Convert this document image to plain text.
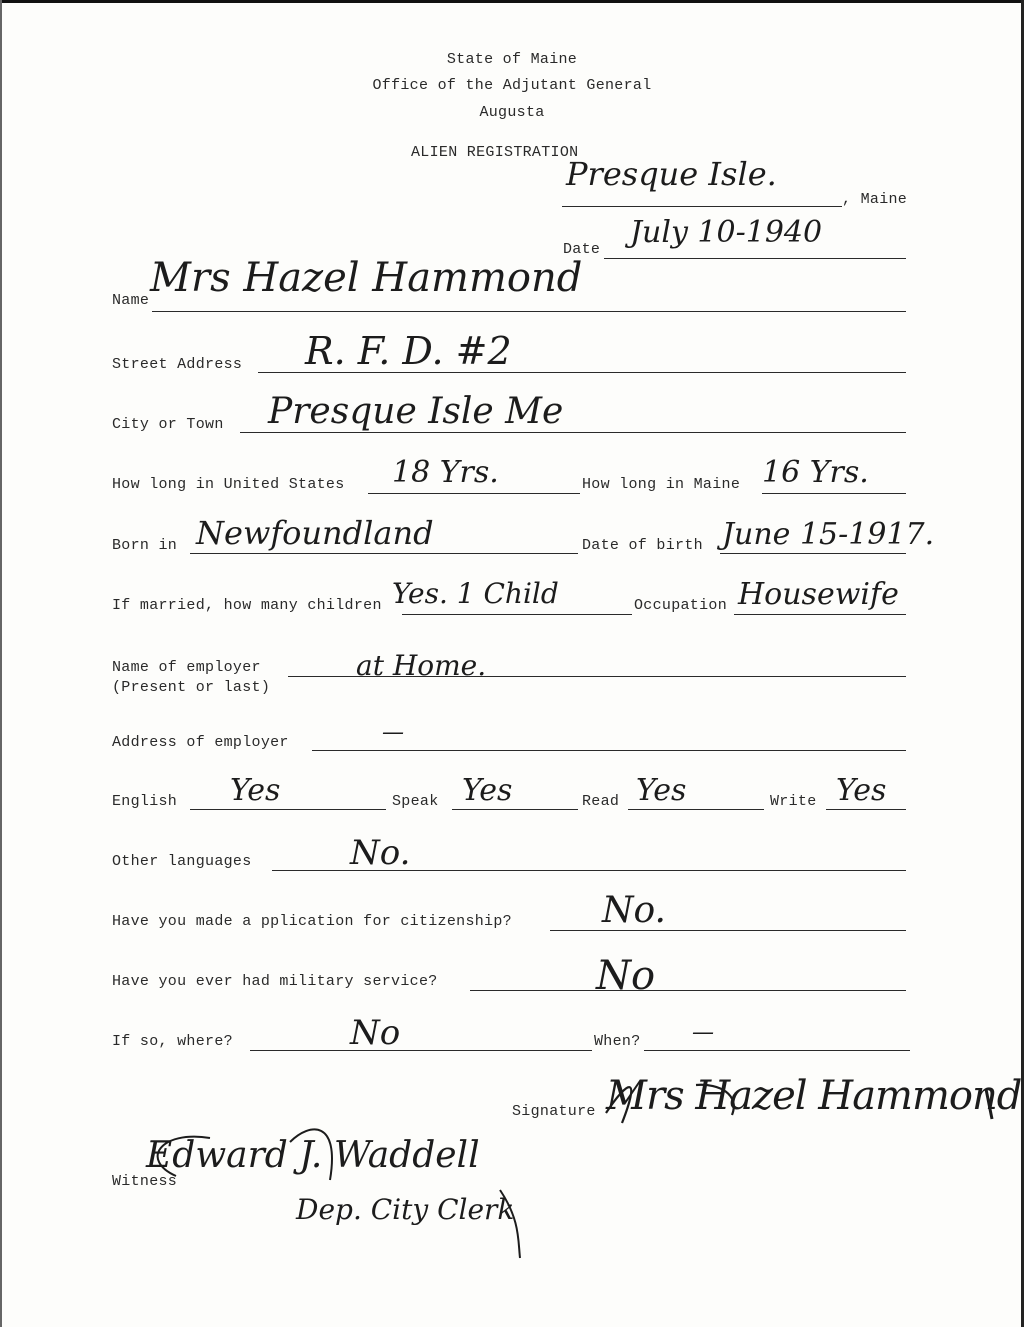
State of Maine
Office of the Adjutant General
Augusta
ALIEN REGISTRATION
Presque Isle.
, Maine
Date July 10-1940
Name Mrs Hazel Hammond
Street Address R. F. D. #2
City or Town Presque Isle Me
How long in United States 18 Yrs.	How long in Maine 16 Yrs.
Born in Newfoundland	Date of birth June 15-1917.
If married, how many children Yes. 1 Child	Occupation Housewife
Name of employer
(Present or last)
at Home.
Address of employer	—
English Yes	Speak Yes	Read Yes	Write Yes
Other languages	No.
Have you made a pplication for citizenship?	No.
Have you ever had military service?	No
If so, where?	No	When? —
Signature Mrs Hazel Hammond
Witness
Edward J. Waddell
Dep. City Clerk
